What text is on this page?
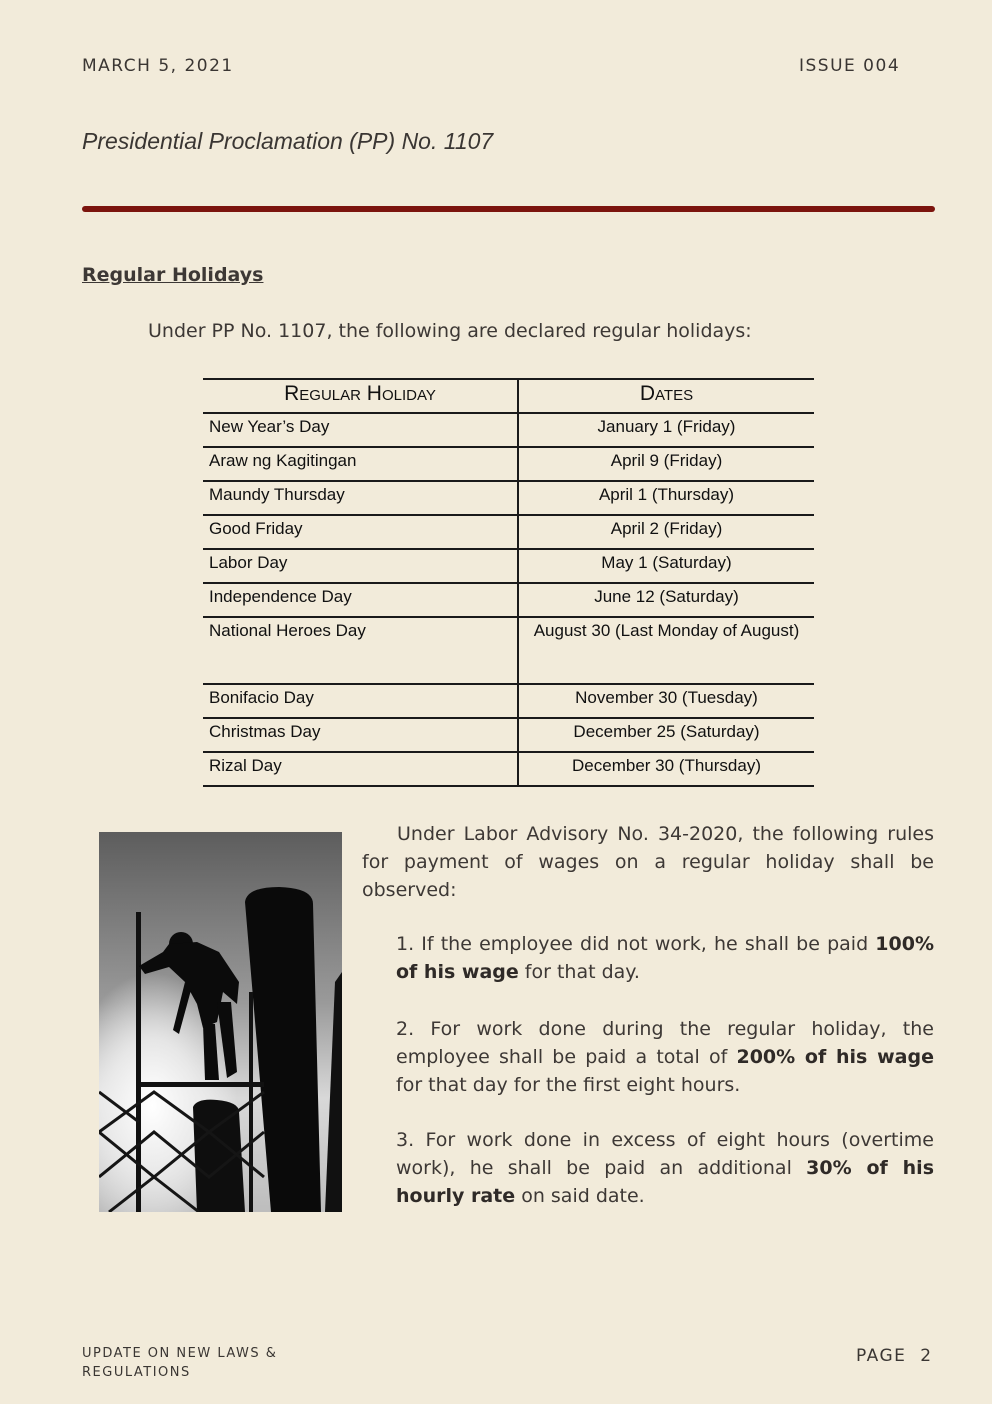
MARCH 5, 2021	ISSUE 004
Presidential Proclamation (PP) No. 1107
Regular Holidays
Under PP No. 1107, the following are declared regular holidays:
Regular Holiday	Dates
New Year’s Day	January 1 (Friday)
Araw ng Kagitingan	April 9 (Friday)
Maundy Thursday	April 1 (Thursday)
Good Friday	April 2 (Friday)
Labor Day	May 1 (Saturday)
Independence Day	June 12 (Saturday)
National Heroes Day	August 30 (Last Monday of August)
Bonifacio Day	November 30 (Tuesday)
Christmas Day	December 25 (Saturday)
Rizal Day	December 30 (Thursday)

Under Labor Advisory No. 34-2020, the following rules for payment of wages on a regular holiday shall be observed:

1. If the employee did not work, he shall be paid 100% of his wage for that day.
2. For work done during the regular holiday, the employee shall be paid a total of 200% of his wage for that day for the first eight hours.
3. For work done in excess of eight hours (overtime work), he shall be paid an additional 30% of his hourly rate on said date.
UPDATE ON NEW LAWS &
REGULATIONS
PAGE  2
